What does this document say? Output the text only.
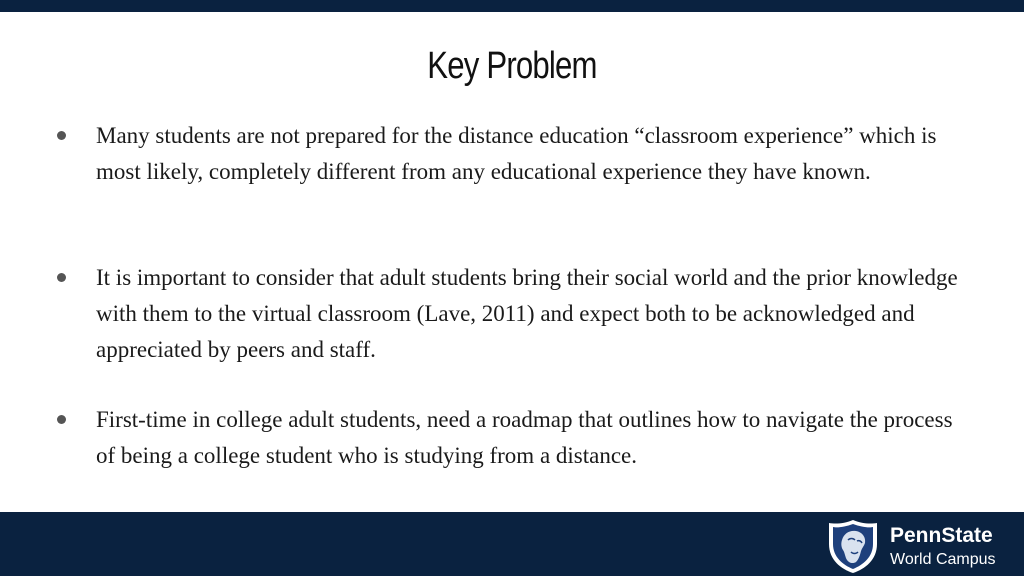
Key Problem
Many students are not prepared for the distance education “classroom experience” which is most likely, completely different from any educational experience they have known.
It is important to consider that adult students bring their social world and the prior knowledge with them to the virtual classroom (Lave, 2011) and expect both to be acknowledged and appreciated by peers and staff.
First-time in college adult students, need a roadmap that outlines how to navigate the process of being a college student who is studying from a distance.
PennState
World Campus
